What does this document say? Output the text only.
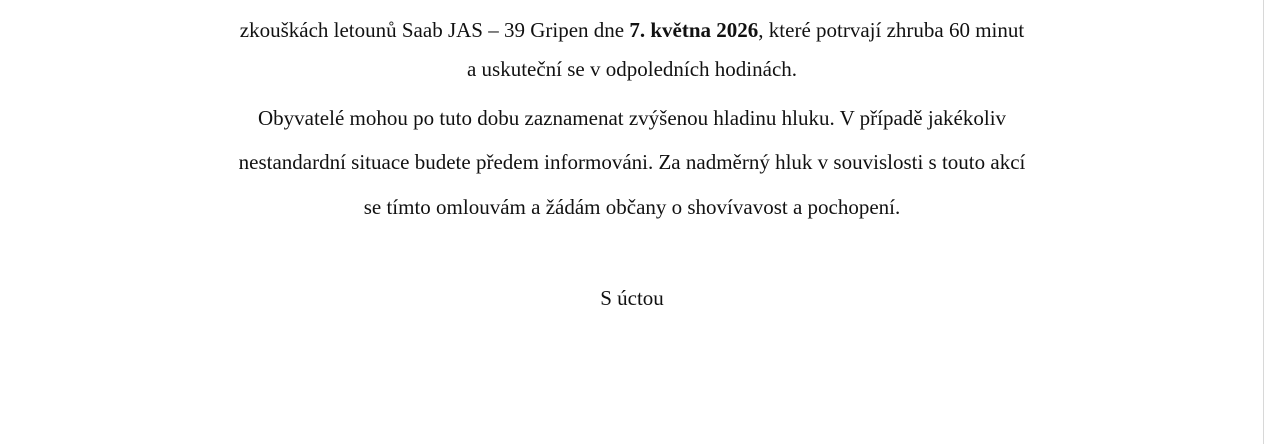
zkouškách letounů Saab JAS – 39 Gripen dne 7. května 2026, které potrvají zhruba 60 minut
a uskuteční se v odpoledních hodinách.
Obyvatelé mohou po tuto dobu zaznamenat zvýšenou hladinu hluku. V případě jakékoliv
nestandardní situace budete předem informováni. Za nadměrný hluk v souvislosti s touto akcí
se tímto omlouvám a žádám občany o shovívavost a pochopení.
S úctou
